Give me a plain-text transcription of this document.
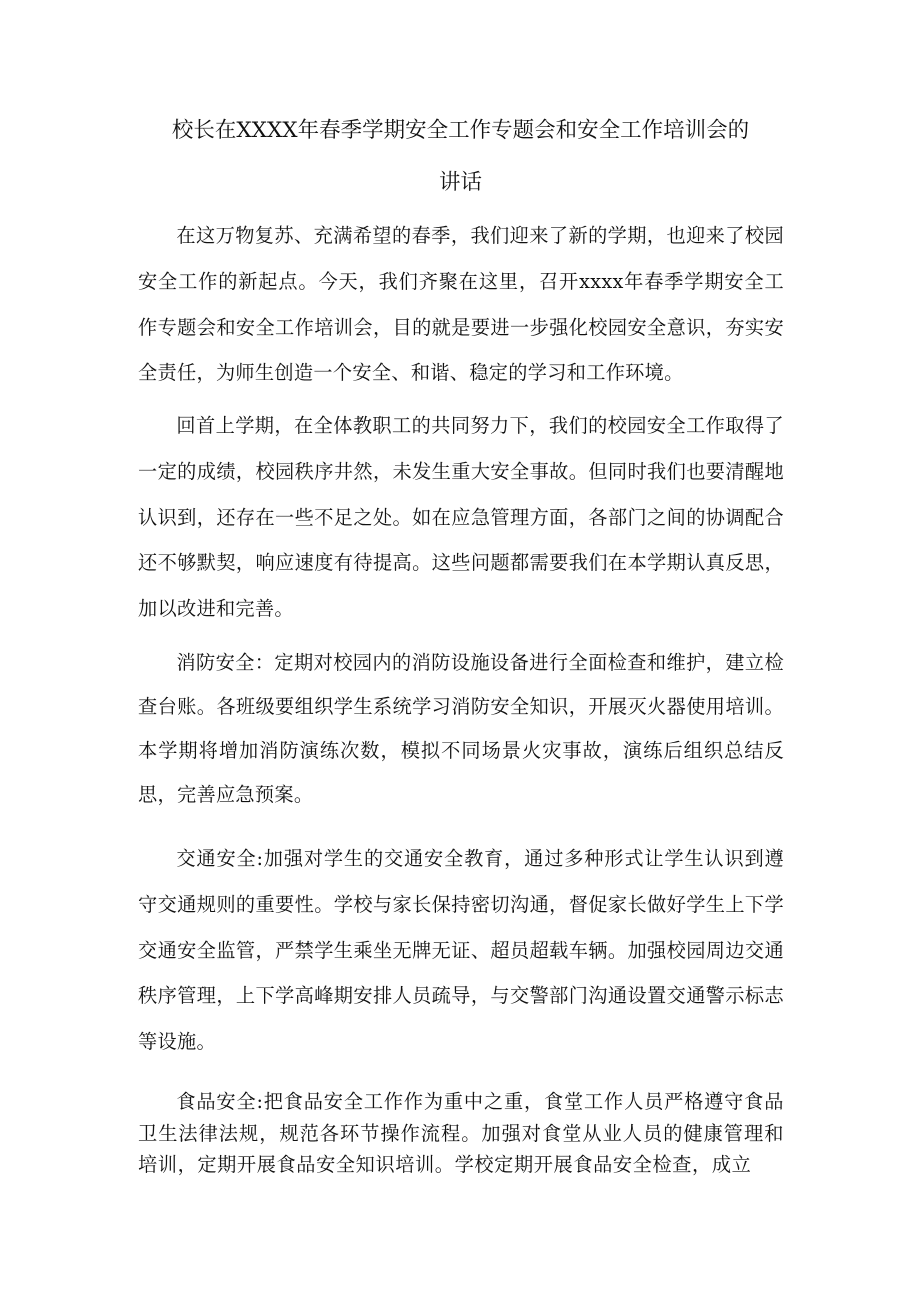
校长在XXXX年春季学期安全工作专题会和安全工作培训会的
讲话

在这万物复苏、充满希望的春季，我们迎来了新的学期，也迎来了校园安全工作的新起点。今天，我们齐聚在这里，召开xxxx年春季学期安全工作专题会和安全工作培训会，目的就是要进一步强化校园安全意识，夯实安全责任，为师生创造一个安全、和谐、稳定的学习和工作环境。

回首上学期，在全体教职工的共同努力下，我们的校园安全工作取得了一定的成绩，校园秩序井然，未发生重大安全事故。但同时我们也要清醒地认识到，还存在一些不足之处。如在应急管理方面，各部门之间的协调配合还不够默契，响应速度有待提高。这些问题都需要我们在本学期认真反思，加以改进和完善。

消防安全：定期对校园内的消防设施设备进行全面检查和维护，建立检查台账。各班级要组织学生系统学习消防安全知识，开展灭火器使用培训。本学期将增加消防演练次数，模拟不同场景火灾事故，演练后组织总结反思，完善应急预案。

交通安全:加强对学生的交通安全教育，通过多种形式让学生认识到遵守交通规则的重要性。学校与家长保持密切沟通，督促家长做好学生上下学交通安全监管，严禁学生乘坐无牌无证、超员超载车辆。加强校园周边交通秩序管理，上下学高峰期安排人员疏导，与交警部门沟通设置交通警示标志等设施。

食品安全:把食品安全工作作为重中之重，食堂工作人员严格遵守食品卫生法律法规，规范各环节操作流程。加强对食堂从业人员的健康管理和培训，定期开展食品安全知识培训。学校定期开展食品安全检查，成立
